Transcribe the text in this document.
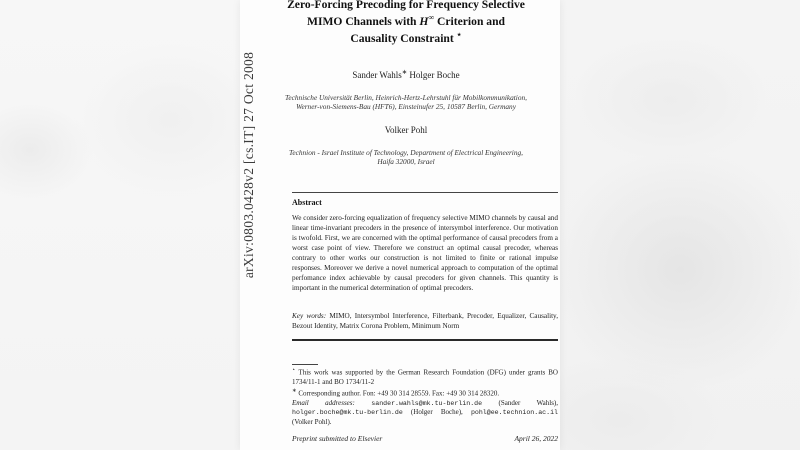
arXiv:0803.0428v2 [cs.IT] 27 Oct 2008
Zero-Forcing Precoding for Frequency Selective
MIMO Channels with H∞ Criterion and
Causality Constraint ⋆
Sander Wahls∗ Holger Boche
Technische Universität Berlin, Heinrich-Hertz-Lehrstuhl für Mobilkommunikation,
Werner-von-Siemens-Bau (HFT6), Einsteinufer 25, 10587 Berlin, Germany
Volker Pohl
Technion - Israel Institute of Technology, Department of Electrical Engineering,
Haifa 32000, Israel
Abstract
We consider zero-forcing equalization of frequency selective MIMO channels by causal and linear time-invariant precoders in the presence of intersymbol interference. Our motivation is twofold. First, we are concerned with the optimal performance of causal precoders from a worst case point of view. Therefore we construct an optimal causal precoder, whereas contrary to other works our construction is not limited to finite or rational impulse responses. Moreover we derive a novel numerical approach to computation of the optimal perfomance index achievable by causal precoders for given channels. This quantity is important in the numerical determination of optimal precoders.
Key words: MIMO, Intersymbol Interference, Filterbank, Precoder, Equalizer, Causality, Bezout Identity, Matrix Corona Problem, Minimum Norm

⋆ This work was supported by the German Research Foundation (DFG) under grants BO 1734/11-1 and BO 1734/11-2

∗ Corresponding author. Fon: +49 30 314 28559. Fax: +49 30 314 28320.

Email addresses: sander.wahls@mk.tu-berlin.de (Sander Wahls), holger.boche@mk.tu-berlin.de (Holger Boche), pohl@ee.technion.ac.il (Volker Pohl).

Preprint submitted to Elsevier	April 26, 2022
